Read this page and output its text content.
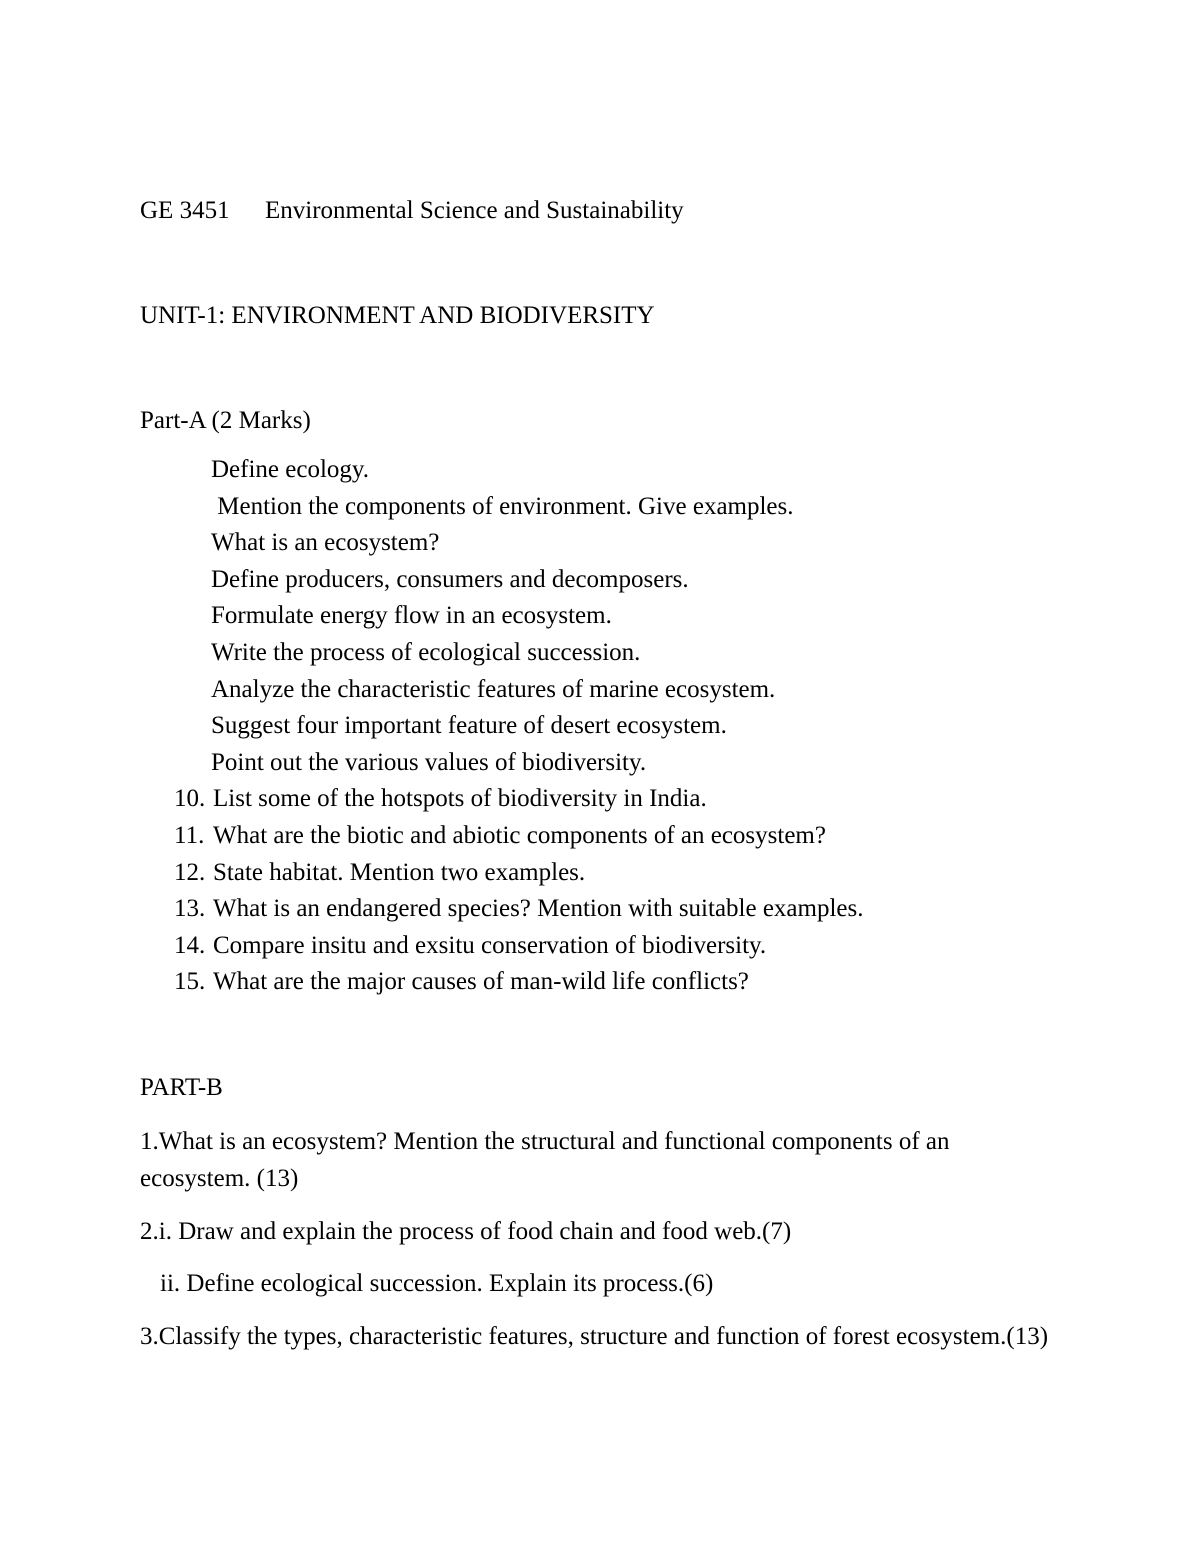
GE 3451 Environmental Science and Sustainability
UNIT-1: ENVIRONMENT AND BIODIVERSITY
Part-A (2 Marks)
Define ecology.
Mention the components of environment. Give examples.
What is an ecosystem?
Define producers, consumers and decomposers.
Formulate energy flow in an ecosystem.
Write the process of ecological succession.
Analyze the characteristic features of marine ecosystem.
Suggest four important feature of desert ecosystem.
Point out the various values of biodiversity.
10. List some of the hotspots of biodiversity in India.
11. What are the biotic and abiotic components of an ecosystem?
12. State habitat. Mention two examples.
13. What is an endangered species? Mention with suitable examples.
14. Compare insitu and exsitu conservation of biodiversity.
15. What are the major causes of man-wild life conflicts?
PART-B
1.What is an ecosystem? Mention the structural and functional components of an ecosystem. (13)
2.i. Draw and explain the process of food chain and food web.(7)
ii. Define ecological succession. Explain its process.(6)
3.Classify the types, characteristic features, structure and function of forest ecosystem.(13)
